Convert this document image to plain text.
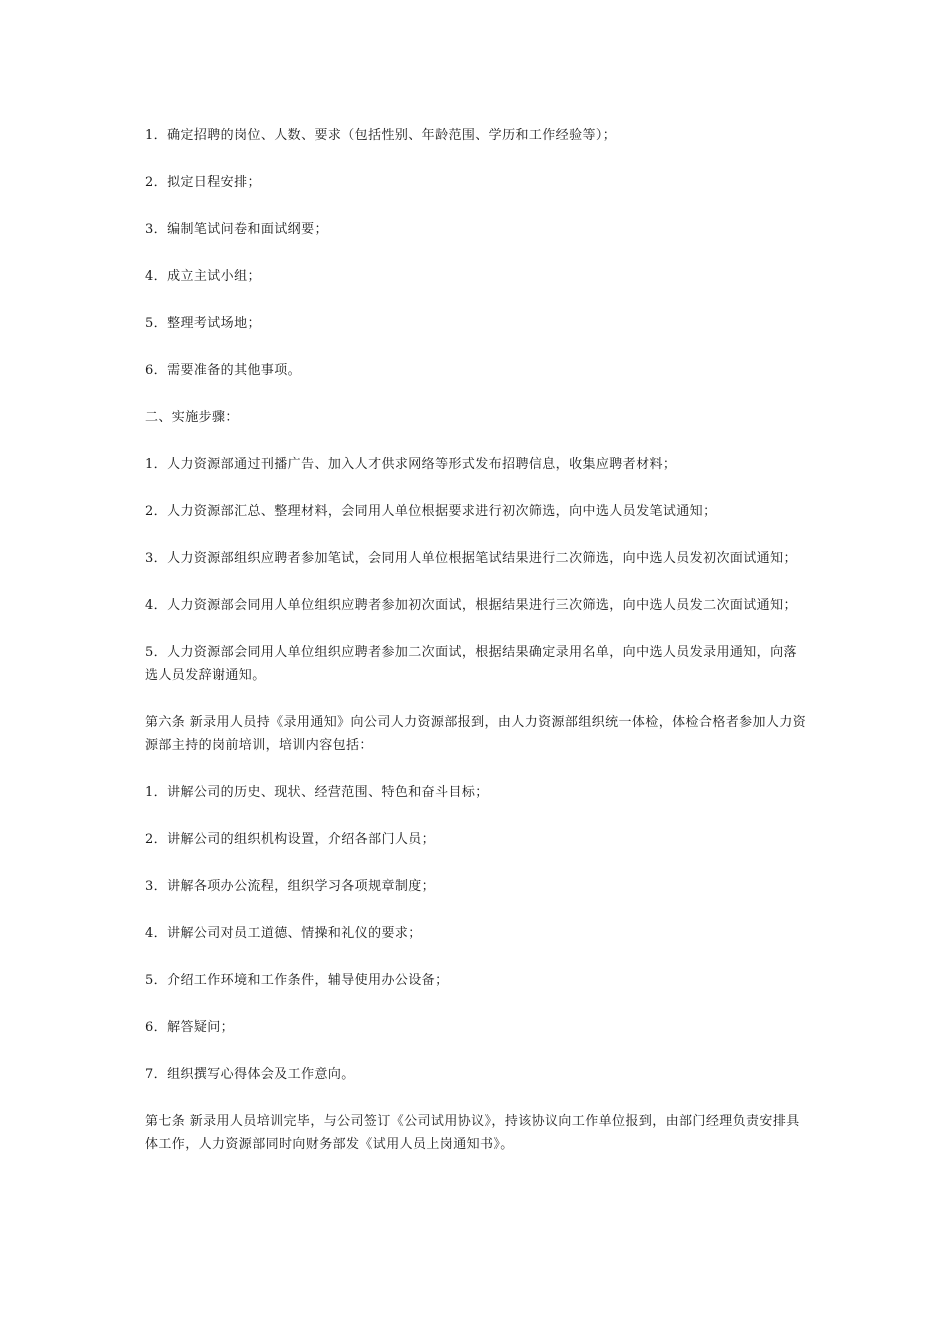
1．确定招聘的岗位、人数、要求（包括性别、年龄范围、学历和工作经验等）；

2．拟定日程安排；

3．编制笔试问卷和面试纲要；

4．成立主试小组；

5．整理考试场地；

6．需要准备的其他事项。

二、实施步骤：

1．人力资源部通过刊播广告、加入人才供求网络等形式发布招聘信息，收集应聘者材料；

2．人力资源部汇总、整理材料，会同用人单位根据要求进行初次筛选，向中选人员发笔试通知；

3．人力资源部组织应聘者参加笔试，会同用人单位根据笔试结果进行二次筛选，向中选人员发初次面试通知；

4．人力资源部会同用人单位组织应聘者参加初次面试，根据结果进行三次筛选，向中选人员发二次面试通知；

5．人力资源部会同用人单位组织应聘者参加二次面试，根据结果确定录用名单，向中选人员发录用通知，向落选人员发辞谢通知。

第六条 新录用人员持《录用通知》向公司人力资源部报到，由人力资源部组织统一体检，体检合格者参加人力资源部主持的岗前培训，培训内容包括：

1．讲解公司的历史、现状、经营范围、特色和奋斗目标；

2．讲解公司的组织机构设置，介绍各部门人员；

3．讲解各项办公流程，组织学习各项规章制度；

4．讲解公司对员工道德、情操和礼仪的要求；

5．介绍工作环境和工作条件，辅导使用办公设备；

6．解答疑问；

7．组织撰写心得体会及工作意向。

第七条 新录用人员培训完毕，与公司签订《公司试用协议》，持该协议向工作单位报到，由部门经理负责安排具体工作，人力资源部同时向财务部发《试用人员上岗通知书》。
